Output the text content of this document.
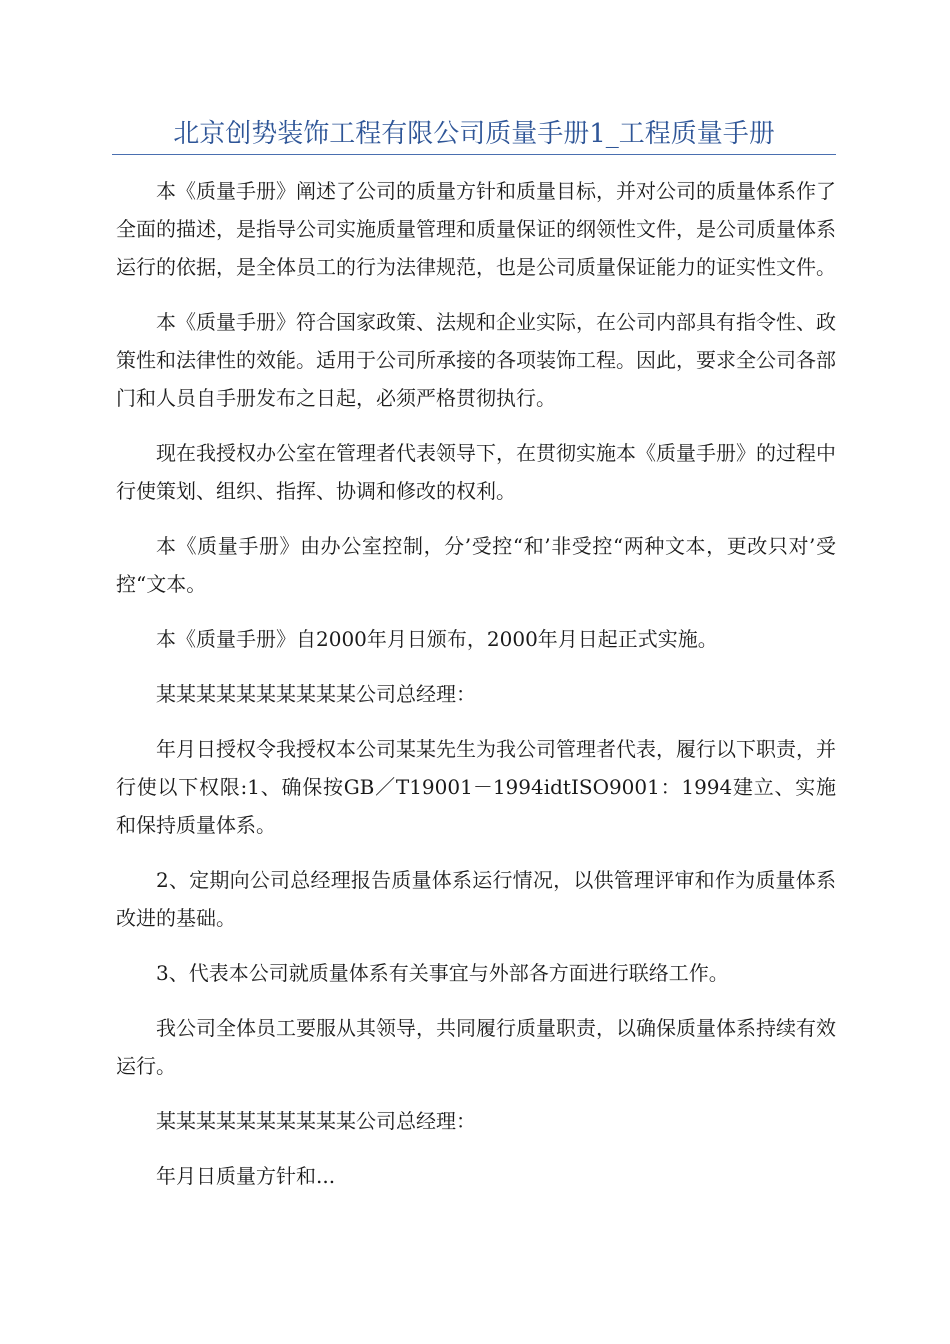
北京创势装饰工程有限公司质量手册1_工程质量手册

本《质量手册》阐述了公司的质量方针和质量目标，并对公司的质量体系作了全面的描述，是指导公司实施质量管理和质量保证的纲领性文件，是公司质量体系运行的依据，是全体员工的行为法律规范，也是公司质量保证能力的证实性文件。

本《质量手册》符合国家政策、法规和企业实际，在公司内部具有指令性、政策性和法律性的效能。适用于公司所承接的各项装饰工程。因此，要求全公司各部门和人员自手册发布之日起，必须严格贯彻执行。

现在我授权办公室在管理者代表领导下，在贯彻实施本《质量手册》的过程中行使策划、组织、指挥、协调和修改的权利。

本《质量手册》由办公室控制，分’受控“和’非受控“两种文本，更改只对’受控“文本。

本《质量手册》自2000年月日颁布，2000年月日起正式实施。

某某某某某某某某某某公司总经理：

年月日授权令我授权本公司某某先生为我公司管理者代表，履行以下职责，并行使以下权限:1、确保按GB／T19001－1994idtISO9001：1994建立、实施和保持质量体系。

2、定期向公司总经理报告质量体系运行情况，以供管理评审和作为质量体系改进的基础。

3、代表本公司就质量体系有关事宜与外部各方面进行联络工作。

我公司全体员工要服从其领导，共同履行质量职责，以确保质量体系持续有效运行。

某某某某某某某某某某公司总经理：

年月日质量方针和...
